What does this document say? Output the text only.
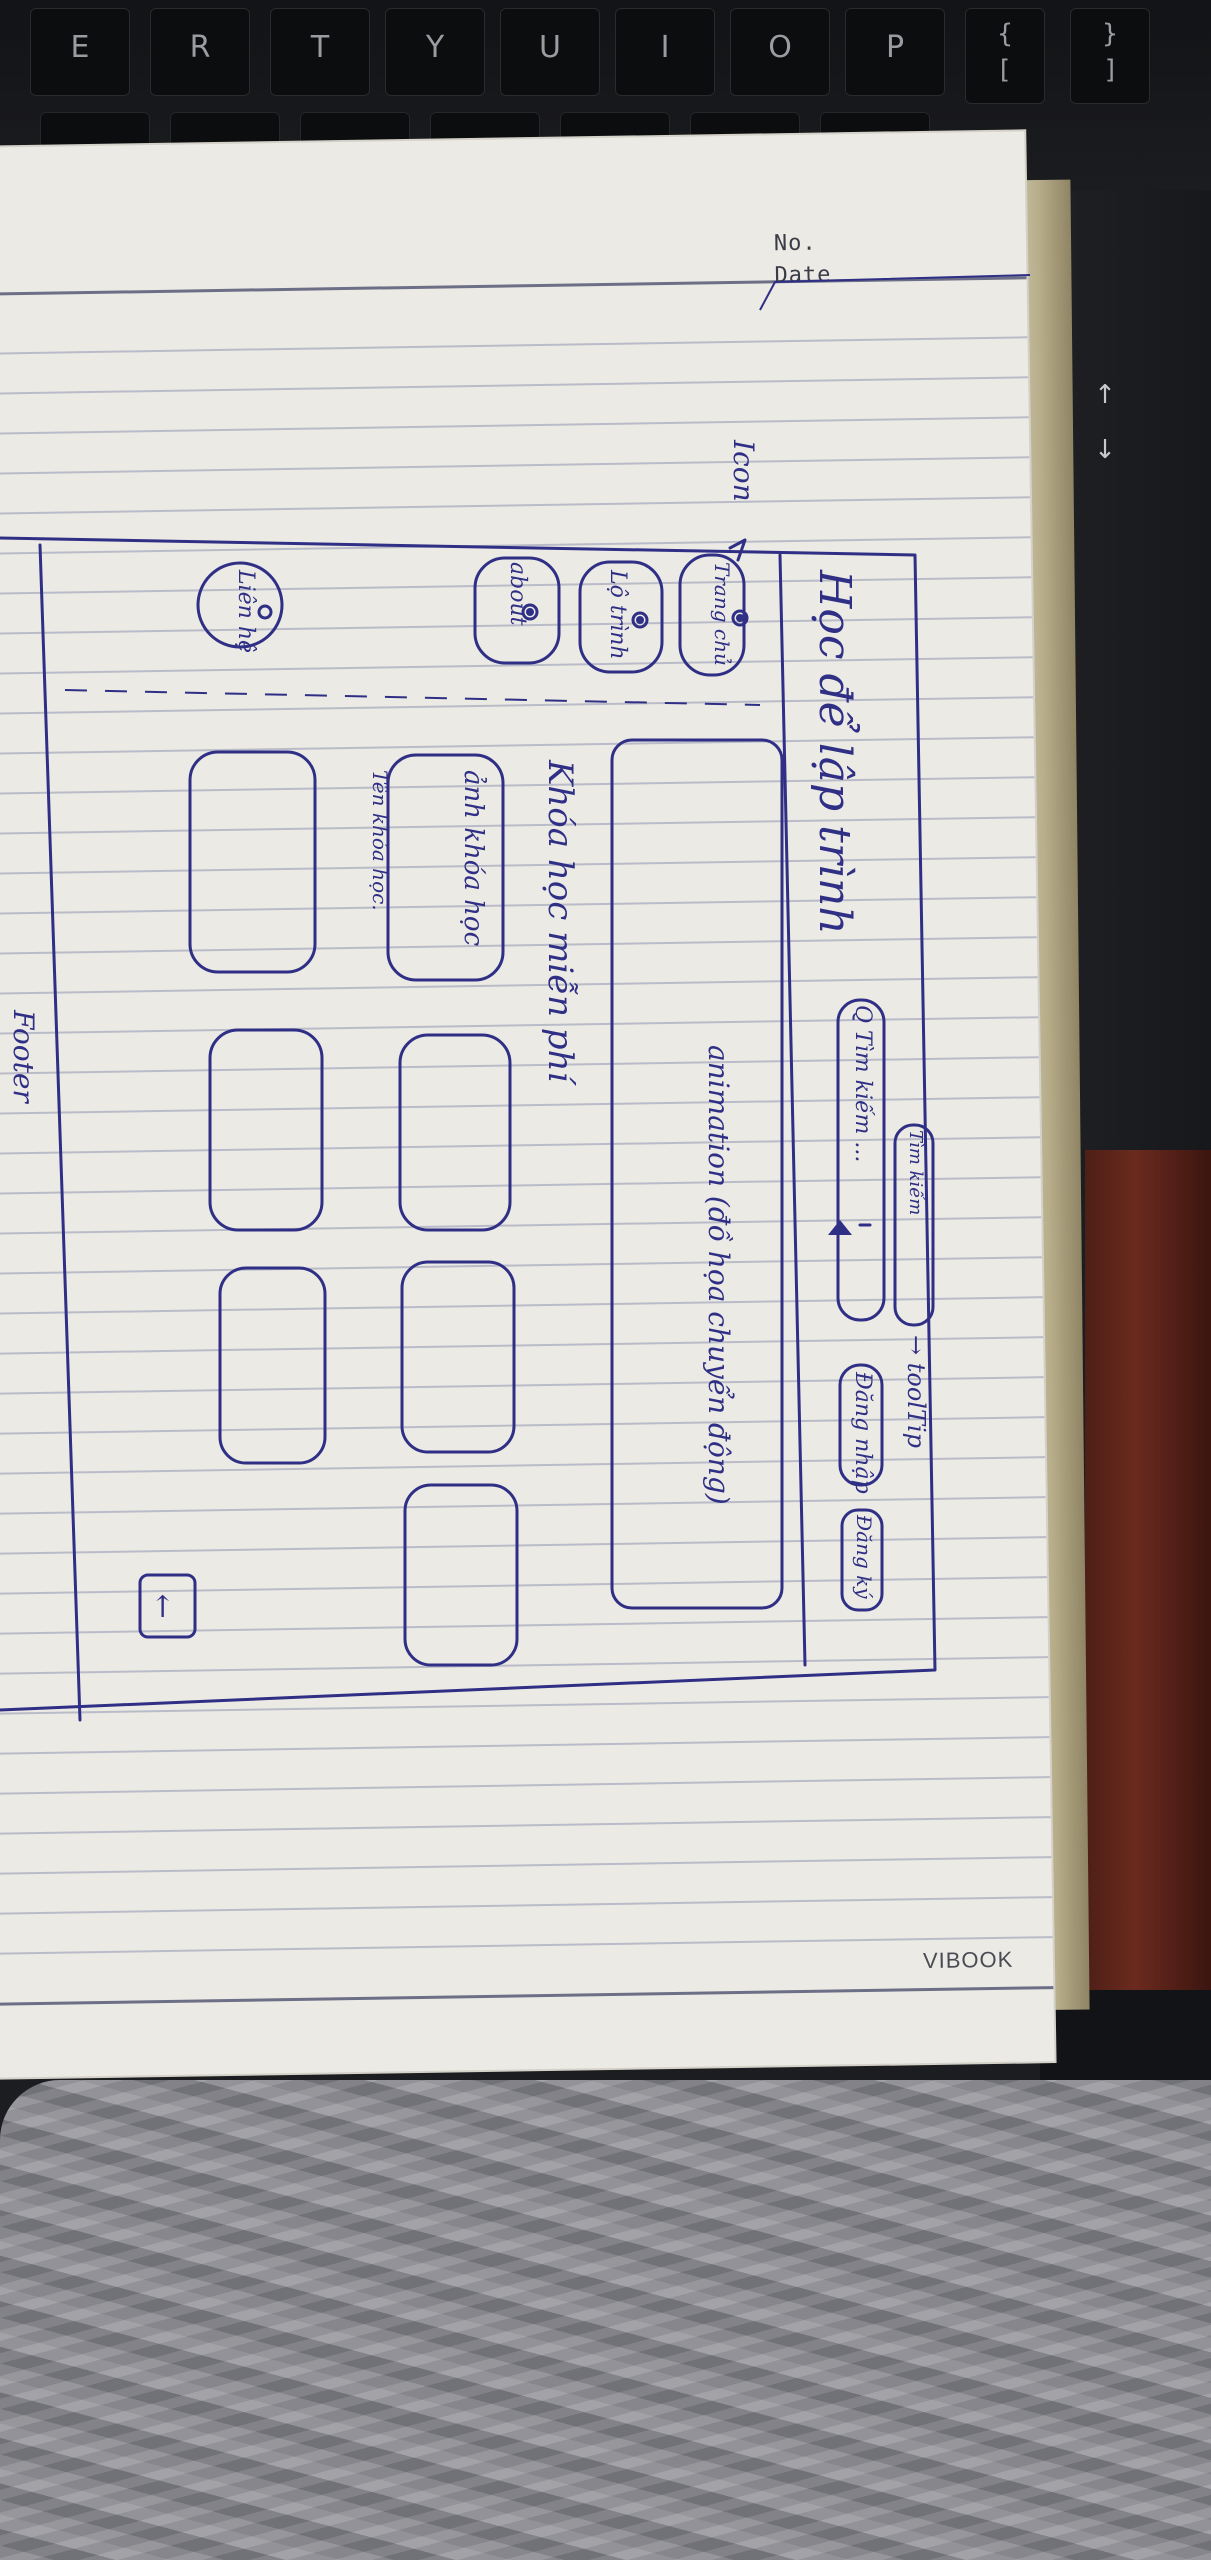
E	R	T	Y	U	I	O	P	{
[
}
]
↑
↓
No.
Date
VIBOOK
Học để lập trình
Q Tìm kiếm ...
Tìm kiếm
→ toolTip
Đăng nhập
Đăng ký
Icon
Trang chủ
Lộ trình
about
Liên hệ
animation (đồ họa chuyển động)
Khóa học miễn phí
ảnh khóa học
Tên khóa học.
Footer
↑
